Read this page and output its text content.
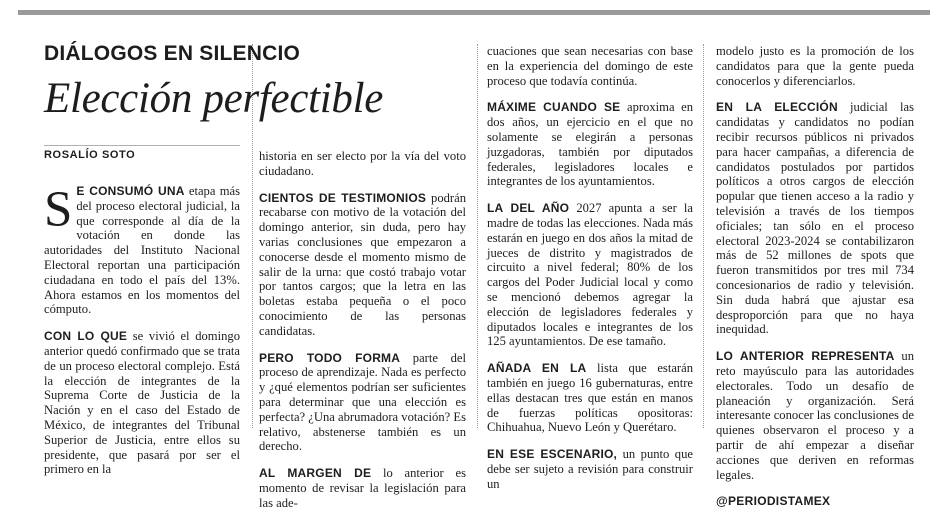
DIÁLOGOS EN SILENCIO
Elección perfectible
ROSALÍO SOTO

S E CONSUMÓ UNA etapa más del proceso electoral judicial, la que corresponde al día de la votación en donde las autoridades del Instituto Nacional Electoral reportan una participación ciudadana en todo el país del 13%. Ahora estamos en los momentos del cómputo.

CON LO QUE se vivió el domingo anterior quedó confirmado que se trata de un proceso electoral complejo. Está la elección de integrantes de la Suprema Corte de Justicia de la Nación y en el caso del Estado de México, de integrantes del Tribunal Superior de Justicia, entre ellos su presidente, que pasará por ser el primero en la

historia en ser electo por la vía del voto ciudadano.

CIENTOS DE TESTIMONIOS podrán recabarse con motivo de la votación del domingo anterior, sin duda, pero hay varias conclusiones que empezaron a conocerse desde el momento mismo de salir de la urna: que costó trabajo votar por tantos cargos; que la letra en las boletas estaba pequeña o el poco conocimiento de las personas candidatas.

PERO TODO FORMA parte del proceso de aprendizaje. Nada es perfecto y ¿qué elementos podrían ser suficientes para determinar que una elección es perfecta? ¿Una abrumadora votación? Es relativo, abstenerse también es un derecho.

AL MARGEN DE lo anterior es momento de revisar la legislación para las ade-

cuaciones que sean necesarias con base en la experiencia del domingo de este proceso que todavía continúa.

MÁXIME CUANDO SE aproxima en dos años, un ejercicio en el que no solamente se elegirán a personas juzgadoras, también por diputados federales, legisladores locales e integrantes de los ayuntamientos.

LA DEL AÑO 2027 apunta a ser la madre de todas las elecciones. Nada más estarán en juego en dos años la mitad de jueces de distrito y magistrados de circuito a nivel federal; 80% de los cargos del Poder Judicial local y como se mencionó debemos agregar la elección de legisladores federales y diputados locales e integrantes de los 125 ayuntamientos. De ese tamaño.

AÑADA EN LA lista que estarán también en juego 16 gubernaturas, entre ellas destacan tres que están en manos de fuerzas políticas opositoras: Chihuahua, Nuevo León y Querétaro.

EN ESE ESCENARIO, un punto que debe ser sujeto a revisión para construir un

modelo justo es la promoción de los candidatos para que la gente pueda conocerlos y diferenciarlos.

EN LA ELECCIÓN judicial las candidatas y candidatos no podían recibir recursos públicos ni privados para hacer campañas, a diferencia de candidatos postulados por partidos políticos a otros cargos de elección popular que tienen acceso a la radio y televisión a través de los tiempos oficiales; tan sólo en el proceso electoral 2023-2024 se contabilizaron más de 52 millones de spots que fueron transmitidos por tres mil 734 concesionarios de radio y televisión. Sin duda habrá que ajustar esa desproporción para que no haya inequidad.

LO ANTERIOR REPRESENTA un reto mayúsculo para las autoridades electorales. Todo un desafío de planeación y organización. Será interesante conocer las conclusiones de quienes observaron el proceso y a partir de ahí empezar a diseñar acciones que deriven en reformas legales.

@PERIODISTAMEX
